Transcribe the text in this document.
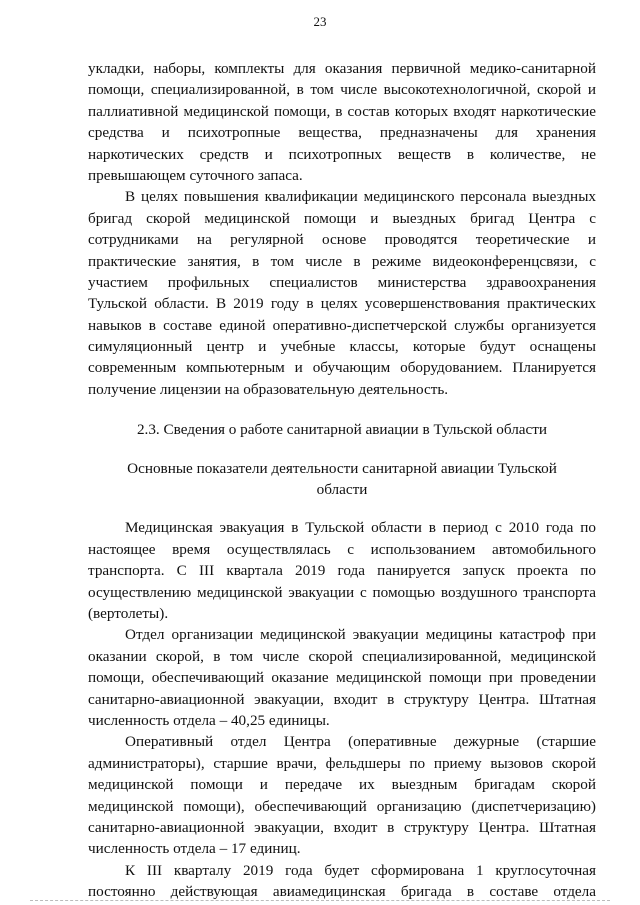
23
укладки, наборы, комплекты для оказания первичной медико-санитарной
помощи, специализированной, в том числе высокотехнологичной, скорой и
паллиативной медицинской помощи, в состав которых входят наркотические
средства и психотропные вещества, предназначены для хранения
наркотических средств и психотропных веществ в количестве, не
превышающем суточного запаса.
В целях повышения квалификации медицинского персонала выездных
бригад скорой медицинской помощи и выездных бригад Центра с
сотрудниками на регулярной основе проводятся теоретические и
практические занятия, в том числе в режиме видеоконференцсвязи, с
участием профильных специалистов министерства здравоохранения
Тульской области. В 2019 году в целях усовершенствования практических
навыков в составе единой оперативно-диспетчерской службы организуется
симуляционный центр и учебные классы, которые будут оснащены
современным компьютерным и обучающим оборудованием. Планируется
получение лицензии на образовательную деятельность.
2.3. Сведения о работе санитарной авиации в Тульской области
Основные показатели деятельности санитарной авиации Тульской
области
Медицинская эвакуация в Тульской области в период с 2010 года по
настоящее время осуществлялась с использованием автомобильного
транспорта. С III квартала 2019 года панируется запуск проекта по
осуществлению медицинской эвакуации с помощью воздушного транспорта
(вертолеты).
Отдел организации медицинской эвакуации медицины катастроф при
оказании скорой, в том числе скорой специализированной, медицинской
помощи, обеспечивающий оказание медицинской помощи при проведении
санитарно-авиационной эвакуации, входит в структуру Центра. Штатная
численность отдела – 40,25 единицы.
Оперативный отдел Центра (оперативные дежурные (старшие
администраторы), старшие врачи, фельдшеры по приему вызовов скорой
медицинской помощи и передаче их выездным бригадам скорой
медицинской помощи), обеспечивающий организацию (диспетчеризацию)
санитарно-авиационной эвакуации, входит в структуру Центра. Штатная
численность отдела – 17 единиц.
К III кварталу 2019 года будет сформирована 1 круглосуточная
постоянно действующая авиамедицинская бригада в составе отдела
